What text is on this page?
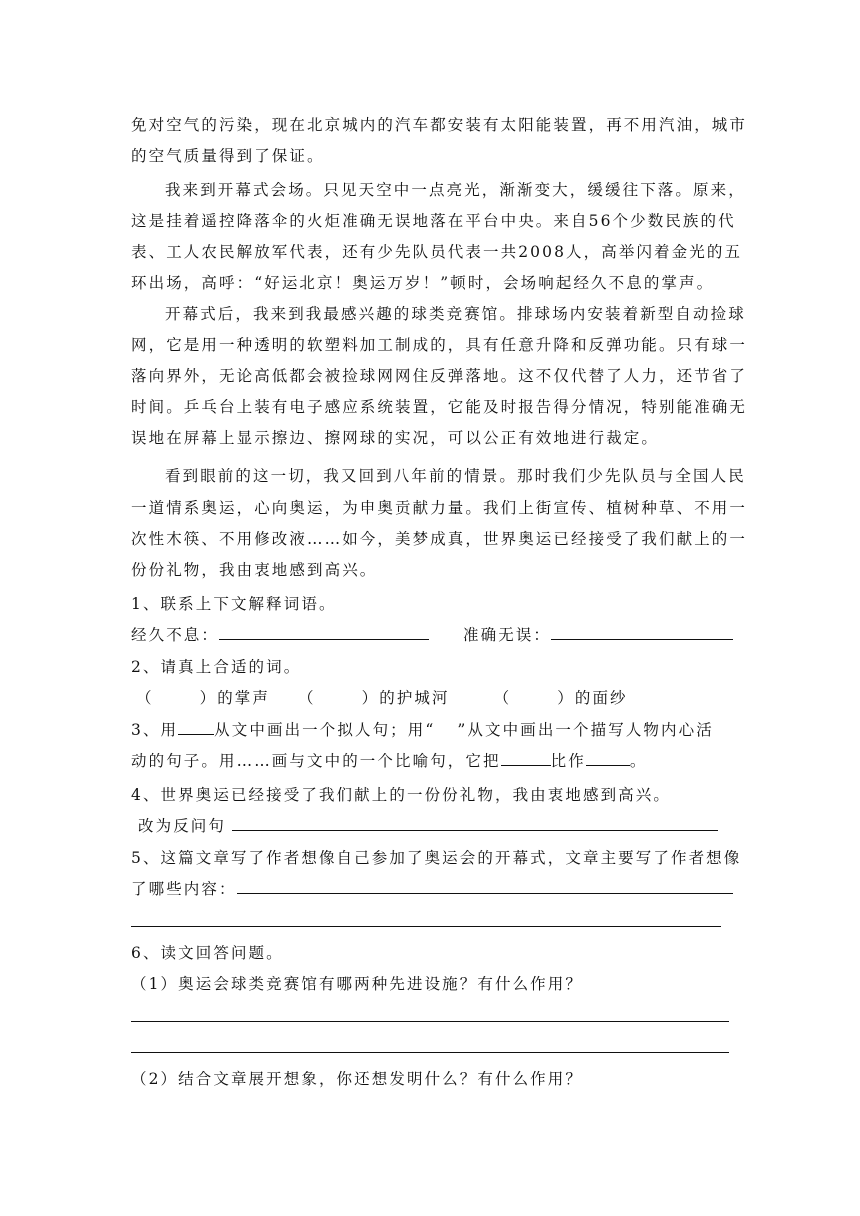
免对空气的污染，现在北京城内的汽车都安装有太阳能装置，再不用汽油，城市
的空气质量得到了保证。
我来到开幕式会场。只见天空中一点亮光，渐渐变大，缓缓往下落。原来，
这是挂着遥控降落伞的火炬准确无误地落在平台中央。来自56个少数民族的代
表、工人农民解放军代表，还有少先队员代表一共2008人，高举闪着金光的五
环出场，高呼：“好运北京！奥运万岁！”顿时，会场响起经久不息的掌声。
开幕式后，我来到我最感兴趣的球类竞赛馆。排球场内安装着新型自动捡球
网，它是用一种透明的软塑料加工制成的，具有任意升降和反弹功能。只有球一
落向界外，无论高低都会被捡球网网住反弹落地。这不仅代替了人力，还节省了
时间。乒乓台上装有电子感应系统装置，它能及时报告得分情况，特别能准确无
误地在屏幕上显示擦边、擦网球的实况，可以公正有效地进行裁定。
看到眼前的这一切，我又回到八年前的情景。那时我们少先队员与全国人民
一道情系奥运，心向奥运，为申奥贡献力量。我们上街宣传、植树种草、不用一
次性木筷、不用修改液……如今，美梦成真，世界奥运已经接受了我们献上的一
份份礼物，我由衷地感到高兴。
1、联系上下文解释词语。
经久不息：	准确无误：
2、请真上合适的词。
（	）的掌声 （	）的护城河	（	）的面纱
3、用 从文中画出一个拟人句；用“ ”从文中画出一个描写人物内心活
动的句子。用……画与文中的一个比喻句，它把	比作	。
4、世界奥运已经接受了我们献上的一份份礼物，我由衷地感到高兴。
改为反问句
5、这篇文章写了作者想像自己参加了奥运会的开幕式，文章主要写了作者想像
了哪些内容：
6、读文回答问题。
（1）奥运会球类竞赛馆有哪两种先进设施？有什么作用？
（2）结合文章展开想象，你还想发明什么？有什么作用？
